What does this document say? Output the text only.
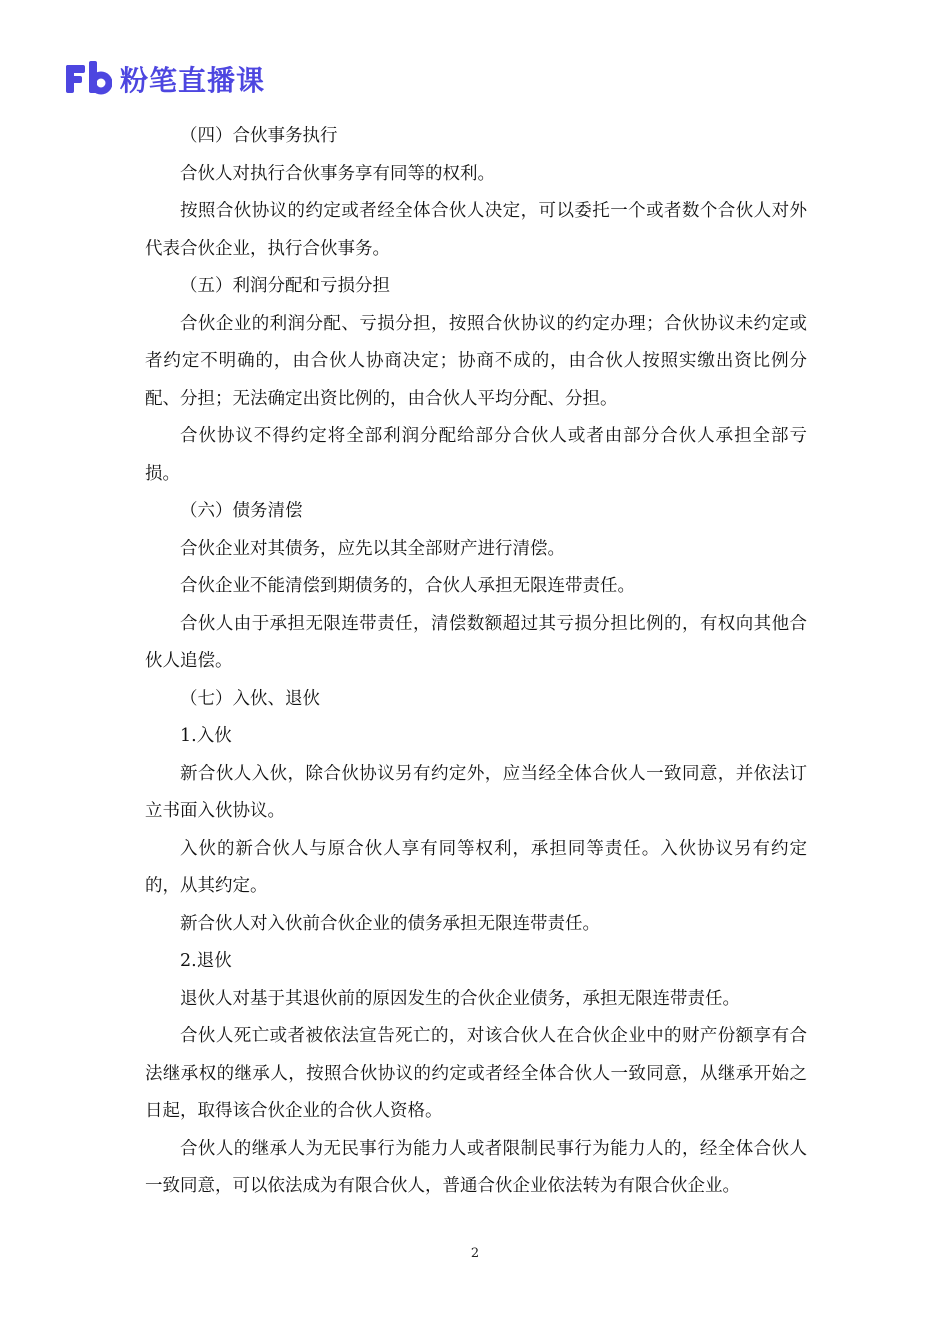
粉笔直播课

（四）合伙事务执行

合伙人对执行合伙事务享有同等的权利。

按照合伙协议的约定或者经全体合伙人决定，可以委托一个或者数个合伙人对外代表合伙企业，执行合伙事务。

（五）利润分配和亏损分担

合伙企业的利润分配、亏损分担，按照合伙协议的约定办理；合伙协议未约定或者约定不明确的，由合伙人协商决定；协商不成的，由合伙人按照实缴出资比例分配、分担；无法确定出资比例的，由合伙人平均分配、分担。

合伙协议不得约定将全部利润分配给部分合伙人或者由部分合伙人承担全部亏损。

（六）债务清偿

合伙企业对其债务，应先以其全部财产进行清偿。

合伙企业不能清偿到期债务的，合伙人承担无限连带责任。

合伙人由于承担无限连带责任，清偿数额超过其亏损分担比例的，有权向其他合伙人追偿。

（七）入伙、退伙

1.入伙

新合伙人入伙，除合伙协议另有约定外，应当经全体合伙人一致同意，并依法订立书面入伙协议。

入伙的新合伙人与原合伙人享有同等权利，承担同等责任。入伙协议另有约定的，从其约定。

新合伙人对入伙前合伙企业的债务承担无限连带责任。

2.退伙

退伙人对基于其退伙前的原因发生的合伙企业债务，承担无限连带责任。

合伙人死亡或者被依法宣告死亡的，对该合伙人在合伙企业中的财产份额享有合法继承权的继承人，按照合伙协议的约定或者经全体合伙人一致同意，从继承开始之日起，取得该合伙企业的合伙人资格。

合伙人的继承人为无民事行为能力人或者限制民事行为能力人的，经全体合伙人一致同意，可以依法成为有限合伙人，普通合伙企业依法转为有限合伙企业。

2
